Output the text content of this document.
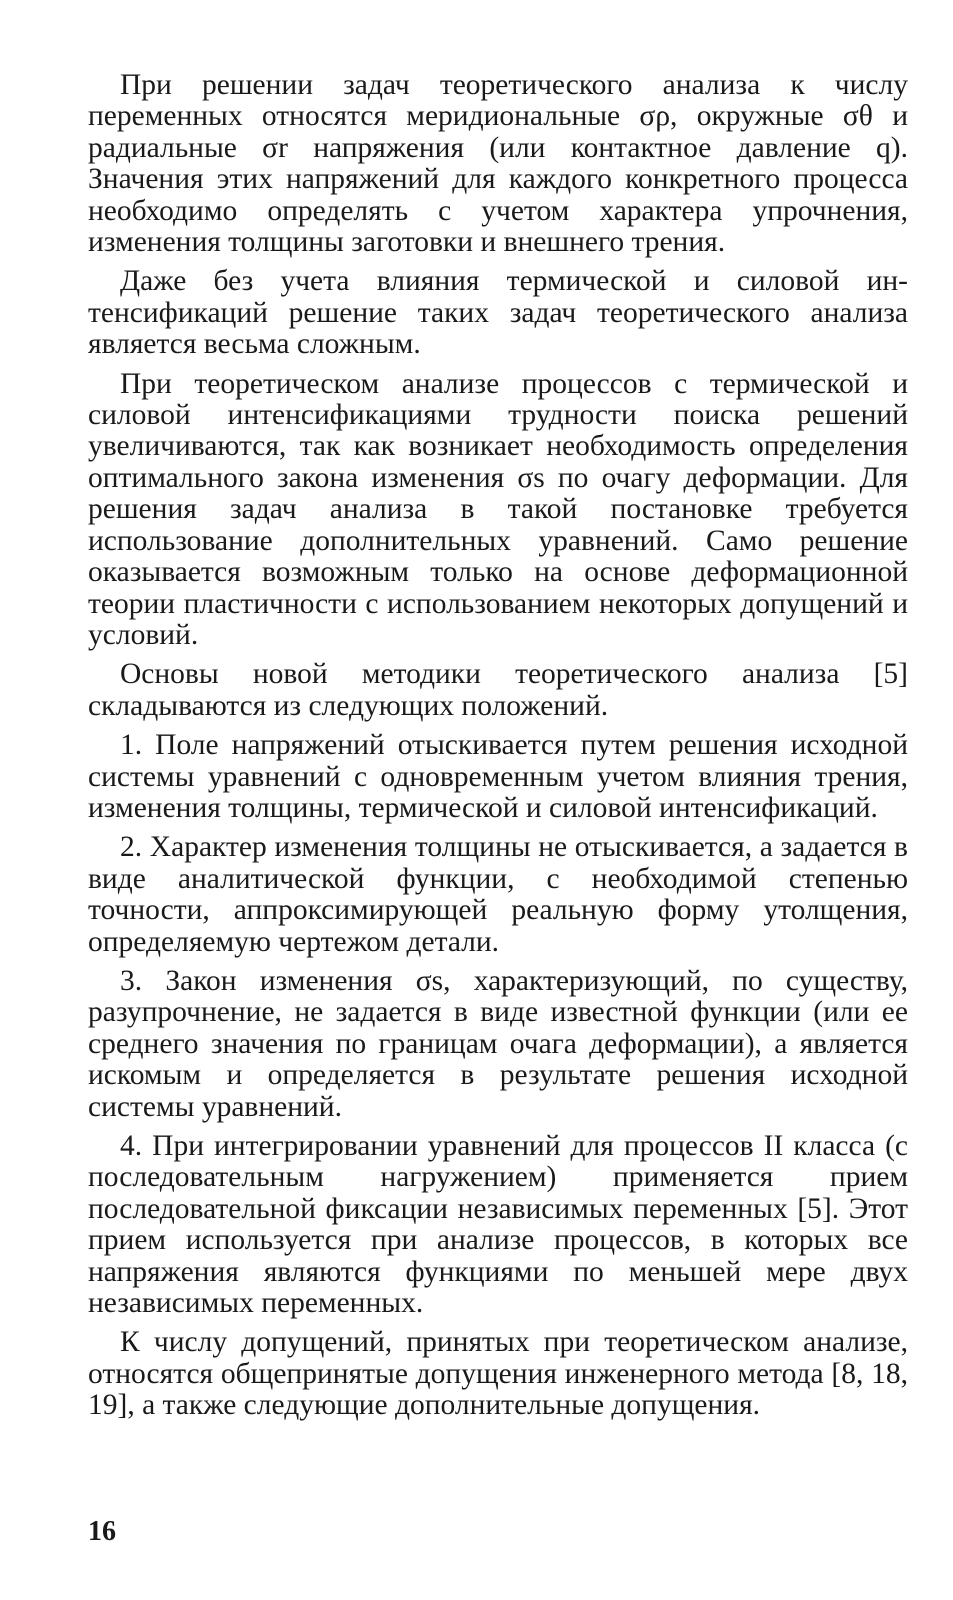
При решении задач теоретического анализа к числу переменных относятся меридиональные σρ, окружные σθ и радиальные σr напряжения (или контактное давление q). Значения этих напряжений для каждого конкретного процесса необходимо определять с учетом характера упрочнения, изменения толщины заготовки и внешнего трения.

Даже без учета влияния термической и силовой интенсификаций решение таких задач теоретического анализа является весьма сложным.

При теоретическом анализе процессов с термической и силовой интенсификациями трудности поиска решений увеличиваются, так как возникает необходимость определения оптимального закона изменения σs по очагу деформации. Для решения задач анализа в такой постановке требуется использование дополнительных уравнений. Само решение оказывается возможным только на основе деформационной теории пластичности с использованием некоторых допущений и условий.

Основы новой методики теоретического анализа [5] складываются из следующих положений.

1. Поле напряжений отыскивается путем решения исходной системы уравнений с одновременным учетом влияния трения, изменения толщины, термической и силовой интенсификаций.

2. Характер изменения толщины не отыскивается, а задается в виде аналитической функции, с необходимой степенью точности, аппроксимирующей реальную форму утолщения, определяемую чертежом детали.

3. Закон изменения σs, характеризующий, по существу, разупрочнение, не задается в виде известной функции (или ее среднего значения по границам очага деформации), а является искомым и определяется в результате решения исходной системы уравнений.

4. При интегрировании уравнений для процессов II класса (с последовательным нагружением) применяется прием последовательной фиксации независимых переменных [5]. Этот прием используется при анализе процессов, в которых все напряжения являются функциями по меньшей мере двух независимых переменных.

К числу допущений, принятых при теоретическом анализе, относятся общепринятые допущения инженерного метода [8, 18, 19], а также следующие дополнительные допущения.

16
